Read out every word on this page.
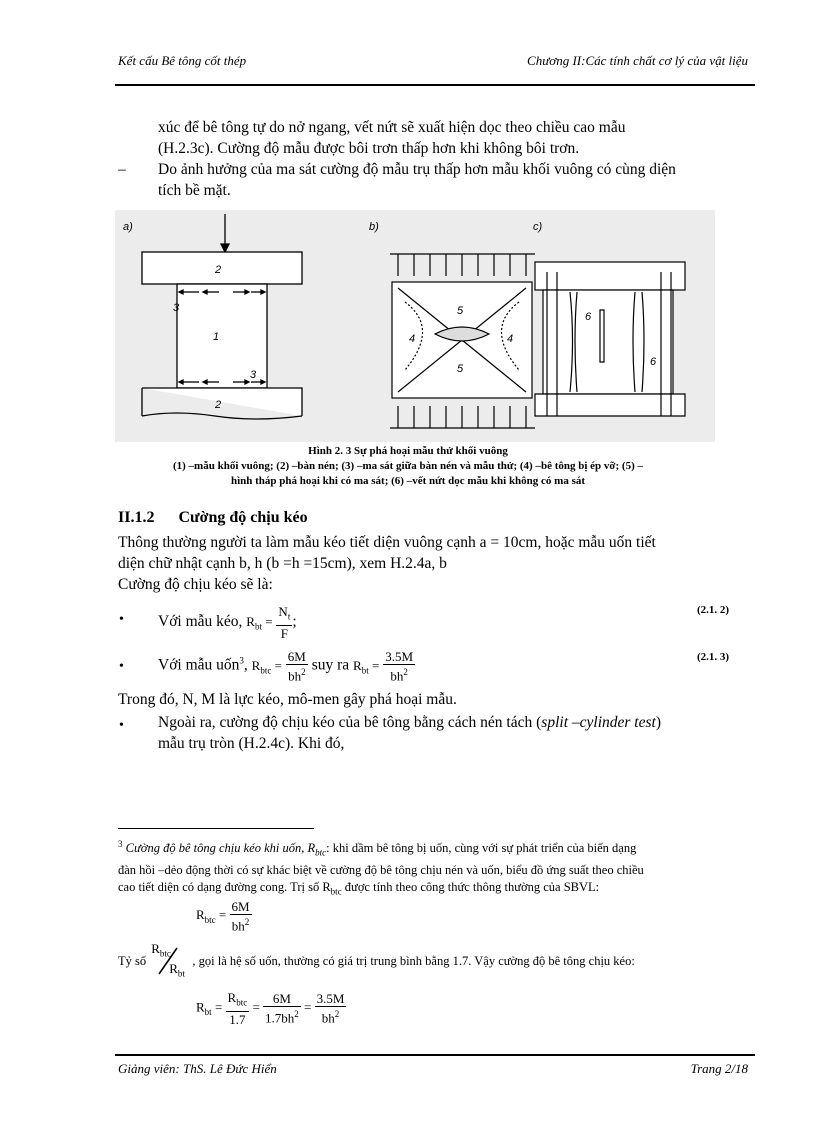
Kết cấu Bê tông cốt thép	Chương II:Các tính chất cơ lý của vật liệu
xúc để bê tông tự do nở ngang, vết nứt sẽ xuất hiện dọc theo chiều cao mẫu
(H.2.3c). Cường độ mẫu được bôi trơn thấp hơn khi không bôi trơn.
– Do ảnh hưởng của ma sát cường độ mẫu trụ thấp hơn mẫu khối vuông có cùng diện
tích bề mặt.
a)	b)	c)
2
3
1
3
2
5
4	4
5
6
6
Hình 2. 3 Sự phá hoại mẫu thử khối vuông
(1) –mẫu khối vuông; (2) –bàn nén; (3) –ma sát giữa bàn nén và mẫu thử; (4) –bê tông bị ép vỡ; (5) –
hình tháp phá hoại khi có ma sát; (6) –vết nứt dọc mẫu khi không có ma sát
II.1.2 Cường độ chịu kéo
Thông thường người ta làm mẫu kéo tiết diện vuông cạnh a = 10cm, hoặc mẫu uốn tiết
diện chữ nhật cạnh b, h (b =h =15cm), xem H.2.4a, b
Cường độ chịu kéo sẽ là:
• Với mẫu kéo, $R_{bt} = \frac{N_t}{F}$ ;
(2.1. 2)
• Với mẫu uốn$^3$, $R_{btc} = \frac{6M}{bh^2}$ suy ra $R_{bt} = \frac{3.5M}{bh^2}$	(2.1. 3)
Trong đó, N, M là lực kéo, mô-men gây phá hoại mẫu.
• Ngoài ra, cường độ chịu kéo của bê tông bằng cách nén tách (split –cylinder test)
mẫu trụ tròn (H.2.4c). Khi đó,
$^3$ Cường độ bê tông chịu kéo khi uốn, $R_{btc}$: khi dầm bê tông bị uốn, cùng với sự phát triển của biến dạng
đàn hồi –dẻo động thời có sự khác biệt về cường độ bê tông chịu nén và uốn, biểu đồ ứng suất theo chiều
cao tiết diện có dạng đường cong. Trị số $R_{btc}$ được tính theo công thức thông thường của SBVL:
$R_{btc} = \frac{6M}{bh^2}$
Tỷ số
$R_{btc}$
$R_{bt}$
, gọi là hệ số uốn, thường có giá trị trung bình bằng 1.7. Vậy cường độ bê tông chịu kéo:
$R_{bt} = \frac{R_{btc}}{1.7} = \frac{6M}{1.7bh^2} = \frac{3.5M}{bh^2}$
Giảng viên: ThS. Lê Đức Hiển	Trang 2/18
